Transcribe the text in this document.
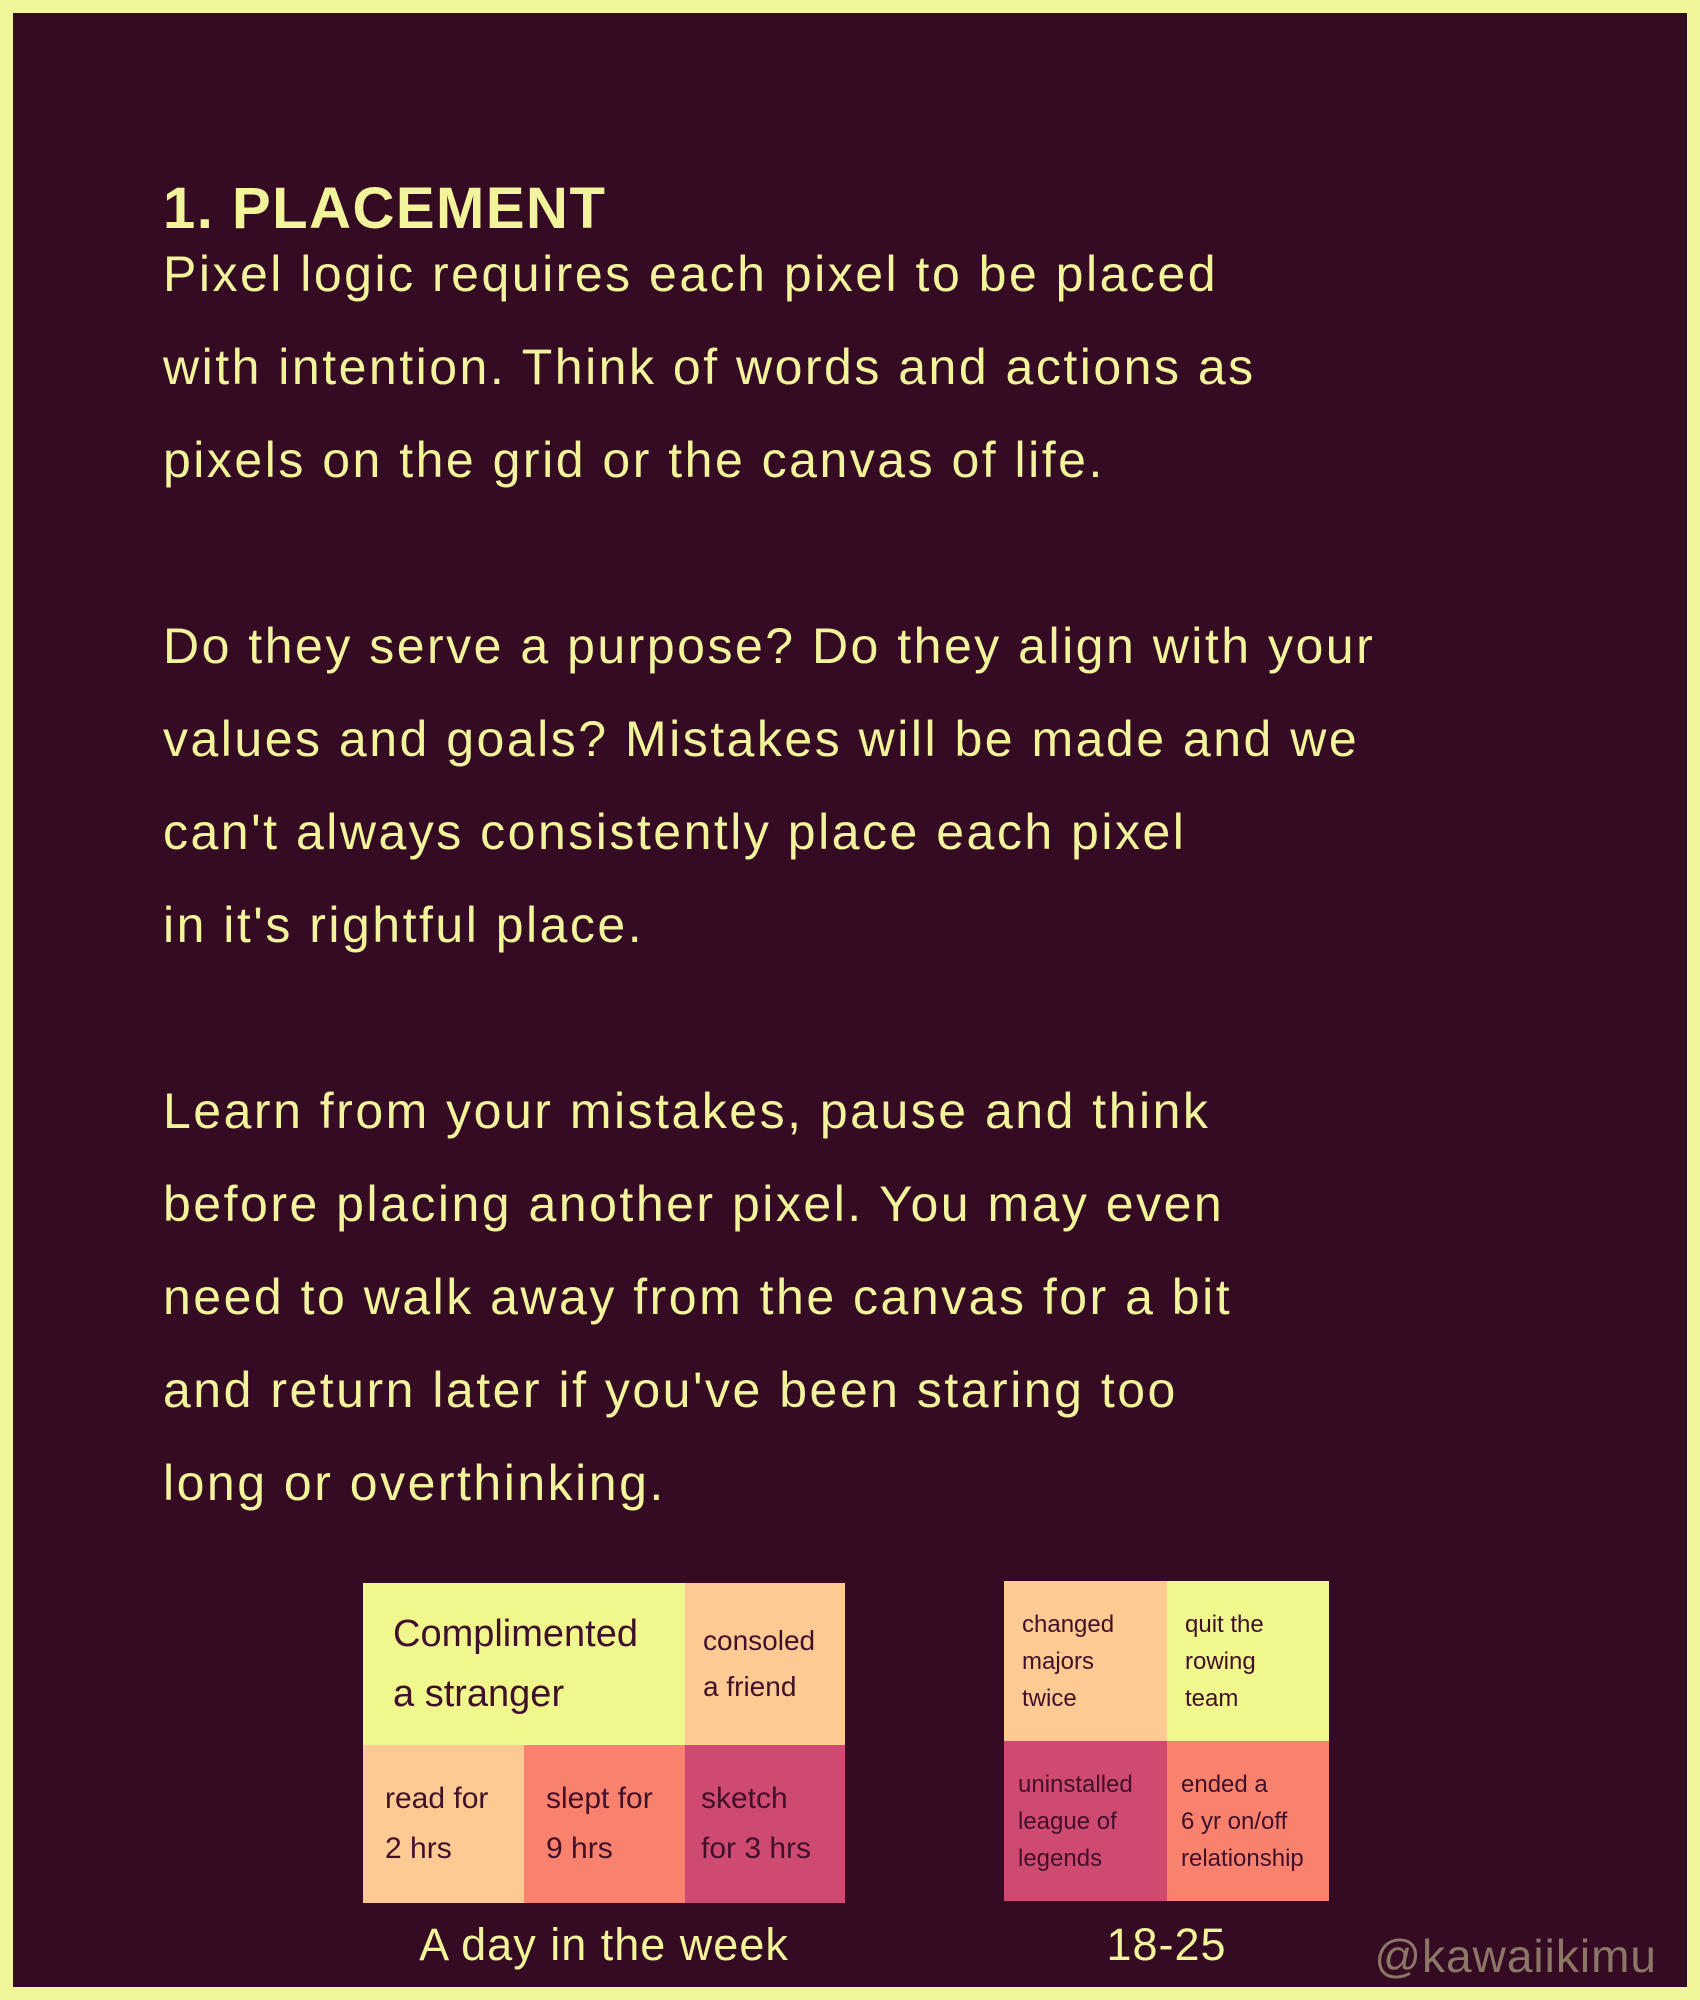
1. PLACEMENT
Pixel logic requires each pixel to be placed
with intention. Think of words and actions as
pixels on the grid or the canvas of life.
Do they serve a purpose? Do they align with your
values and goals? Mistakes will be made and we
can't always consistently place each pixel
in it's rightful place.
Learn from your mistakes, pause and think
before placing another pixel. You may even
need to walk away from the canvas for a bit
and return later if you've been staring too
long or overthinking.
Complimented
a stranger
consoled
a friend
read for
2 hrs
slept for
9 hrs
sketch
for 3 hrs
changed
majors
twice
quit the
rowing
team
uninstalled
league of
legends
ended a
6 yr on/off
relationship
A day in the week	18-25	@kawaiikimu
